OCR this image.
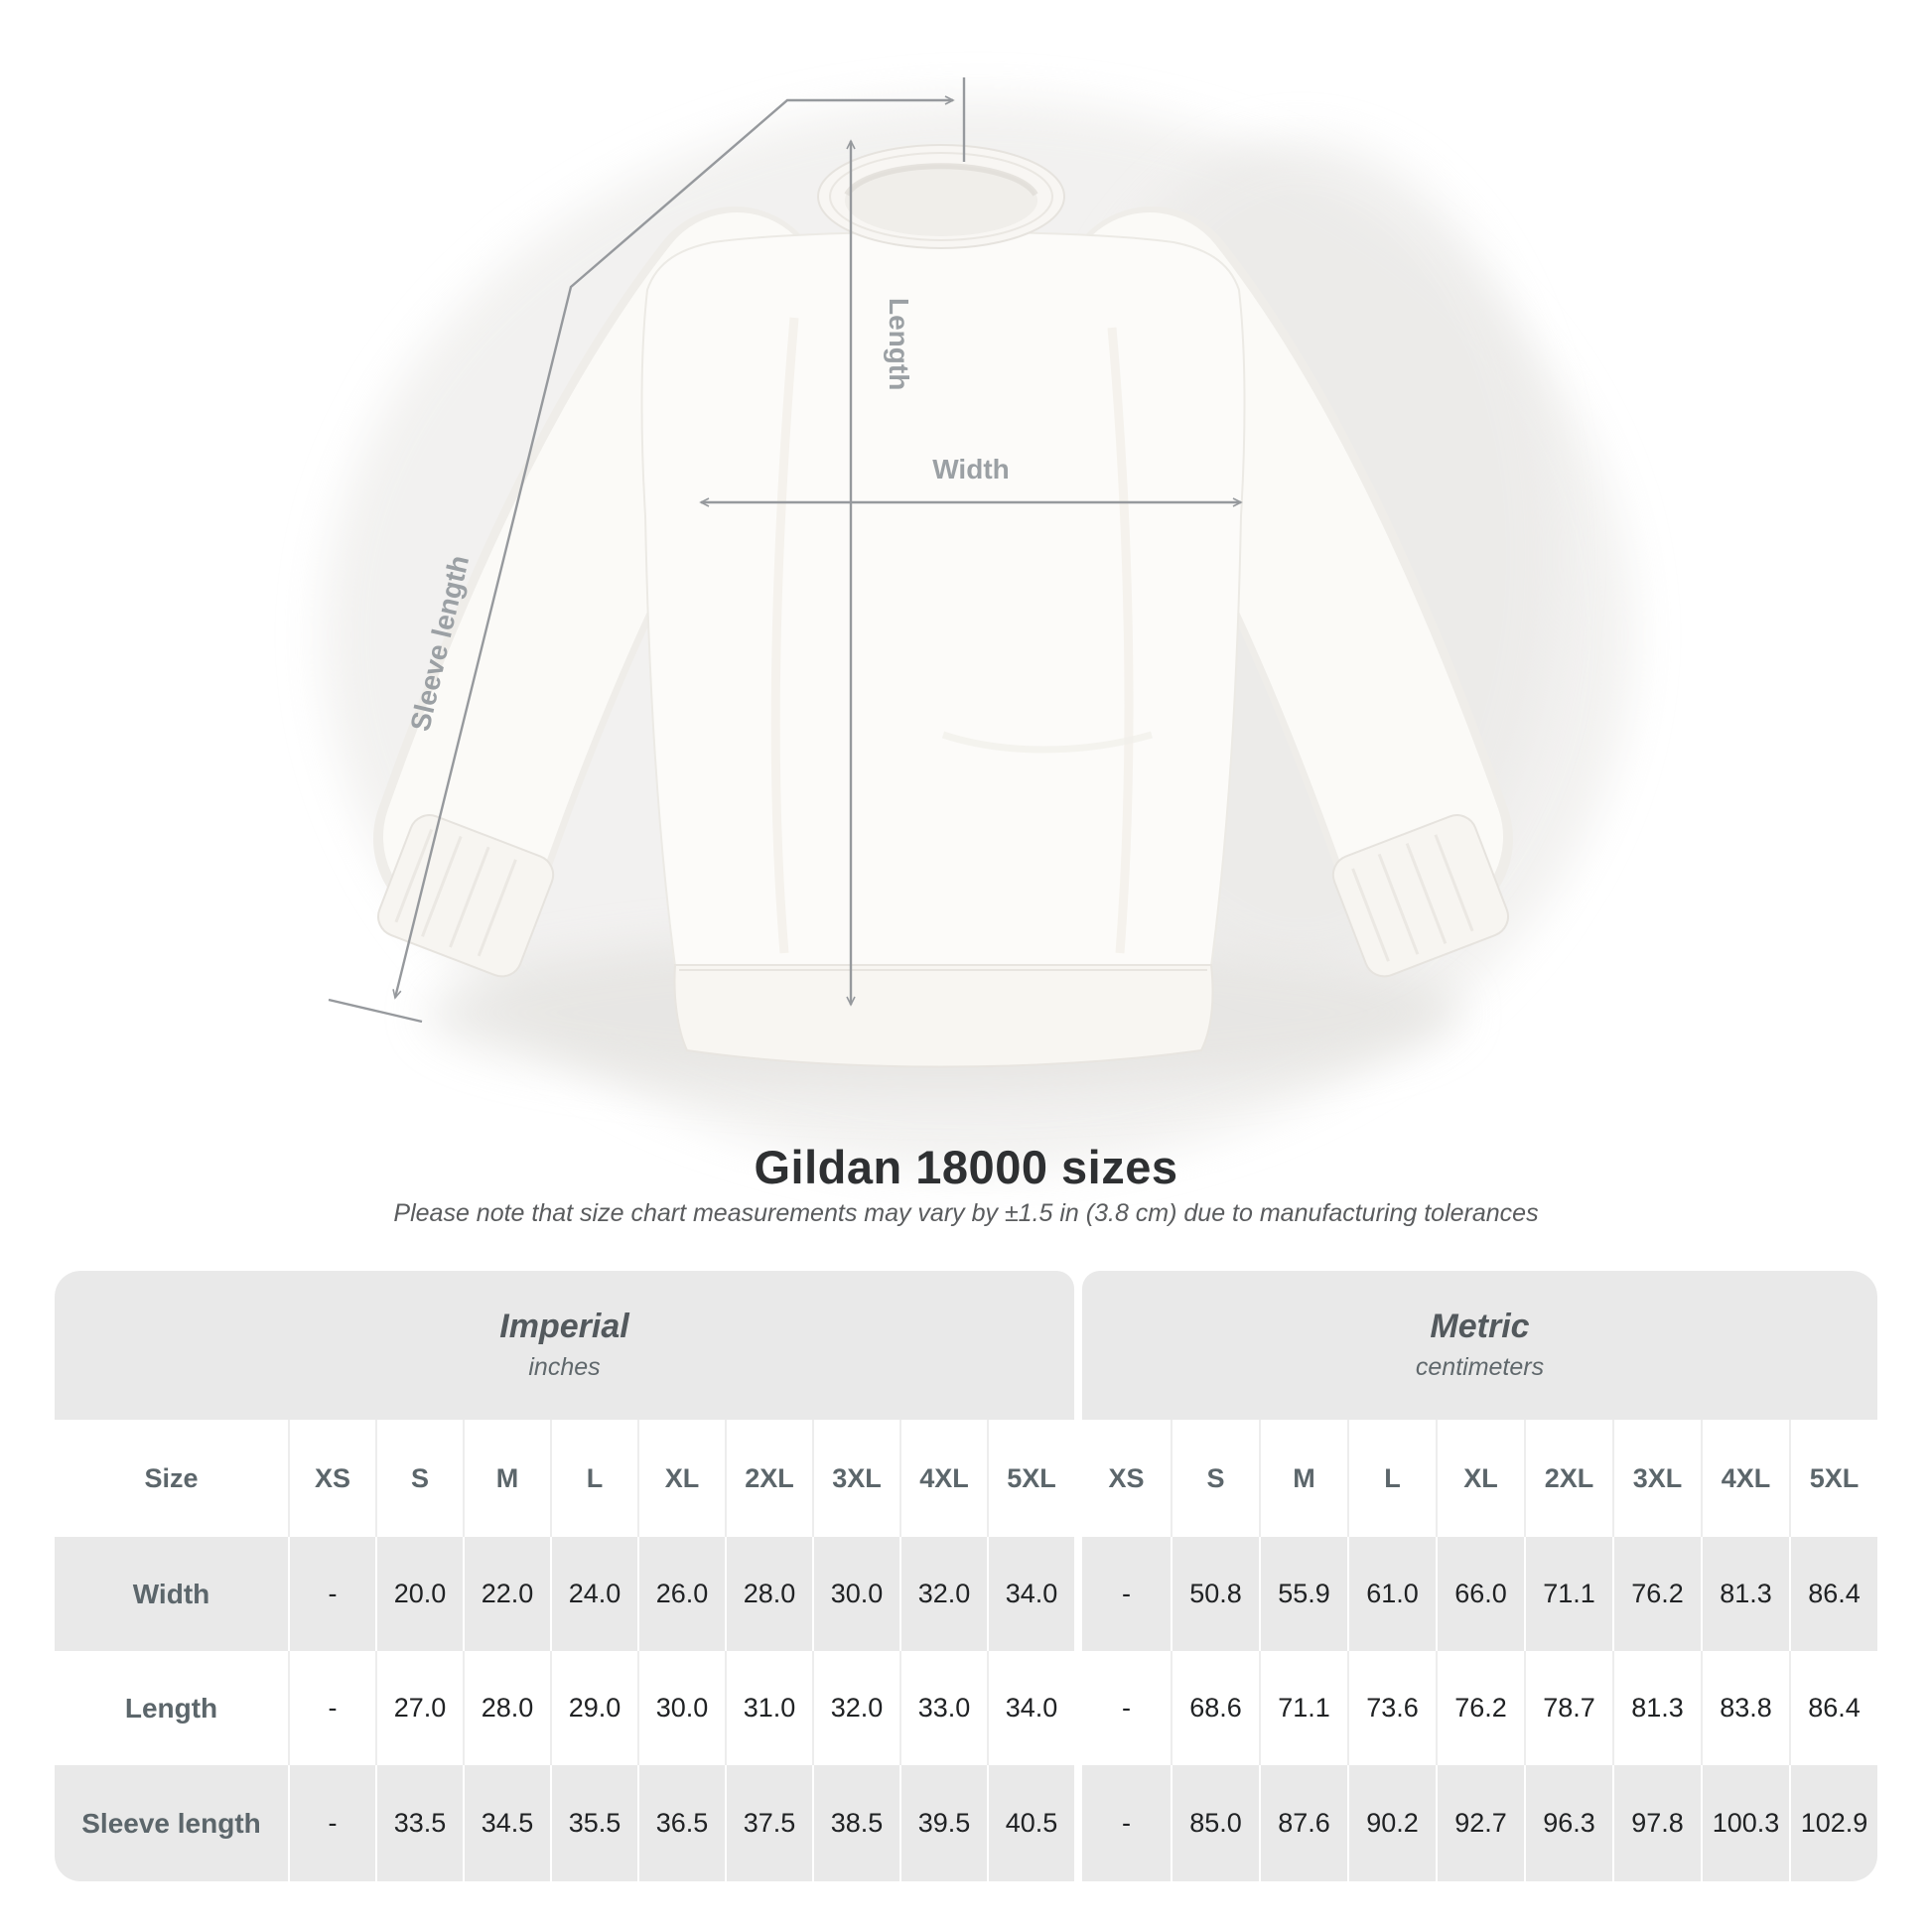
Length
Width
Sleeve length
Gildan 18000 sizes
Please note that size chart measurements may vary by ±1.5 in (3.8 cm) due to manufacturing tolerances
Imperial
inches
Metric
centimeters
Size	XS	S	M	L	XL	2XL	3XL	4XL	5XL	XS	S	M	L	XL	2XL	3XL	4XL	5XL
Width	-	20.0	22.0	24.0	26.0	28.0	30.0	32.0	34.0	-	50.8	55.9	61.0	66.0	71.1	76.2	81.3	86.4
Length	-	27.0	28.0	29.0	30.0	31.0	32.0	33.0	34.0	-	68.6	71.1	73.6	76.2	78.7	81.3	83.8	86.4
Sleeve length	-	33.5	34.5	35.5	36.5	37.5	38.5	39.5	40.5	-	85.0	87.6	90.2	92.7	96.3	97.8	100.3 102.9
